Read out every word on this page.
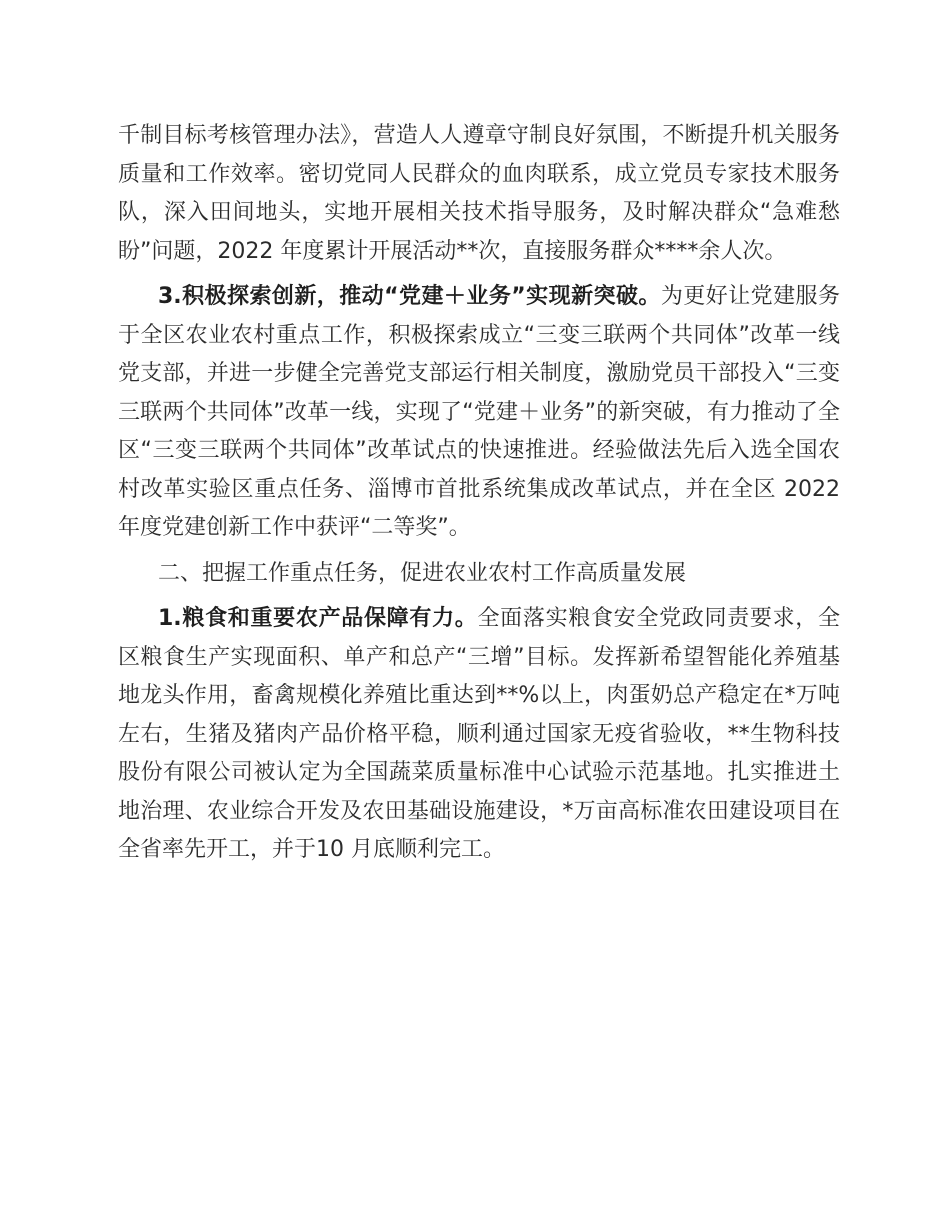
千制目标考核管理办法》，营造人人遵章守制良好氛围，不断提升机关服务质量和工作效率。密切党同人民群众的血肉联系，成立党员专家技术服务队，深入田间地头，实地开展相关技术指导服务，及时解决群众“急难愁盼”问题，2022 年度累计开展活动**次，直接服务群众****余人次。

3.积极探索创新，推动“党建＋业务”实现新突破。为更好让党建服务于全区农业农村重点工作，积极探索成立“三变三联两个共同体”改革一线党支部，并进一步健全完善党支部运行相关制度，激励党员干部投入“三变三联两个共同体”改革一线，实现了“党建＋业务”的新突破，有力推动了全区“三变三联两个共同体”改革试点的快速推进。经验做法先后入选全国农村改革实验区重点任务、淄博市首批系统集成改革试点，并在全区 2022 年度党建创新工作中获评“二等奖”。

二、把握工作重点任务，促进农业农村工作高质量发展

1.粮食和重要农产品保障有力。全面落实粮食安全党政同责要求，全区粮食生产实现面积、单产和总产“三增”目标。发挥新希望智能化养殖基地龙头作用，畜禽规模化养殖比重达到**%以上，肉蛋奶总产稳定在*万吨左右，生猪及猪肉产品价格平稳，顺利通过国家无疫省验收，**生物科技股份有限公司被认定为全国蔬菜质量标准中心试验示范基地。扎实推进土地治理、农业综合开发及农田基础设施建设，*万亩高标准农田建设项目在全省率先开工，并于10 月底顺利完工。
